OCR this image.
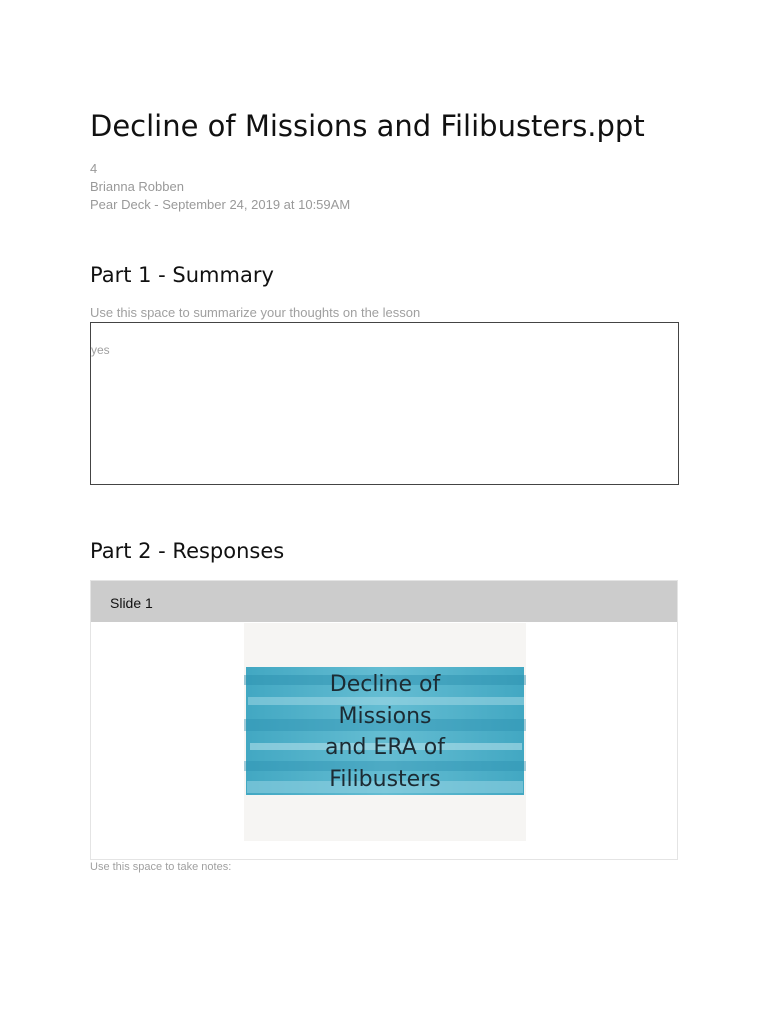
Decline of Missions and Filibusters.ppt
4
Brianna Robben
Pear Deck - September 24, 2019 at 10:59AM
Part 1 - Summary
Use this space to summarize your thoughts on the lesson
yes
Part 2 - Responses
Slide 1
Decline of
Missions
and ERA of
Filibusters
Use this space to take notes:
